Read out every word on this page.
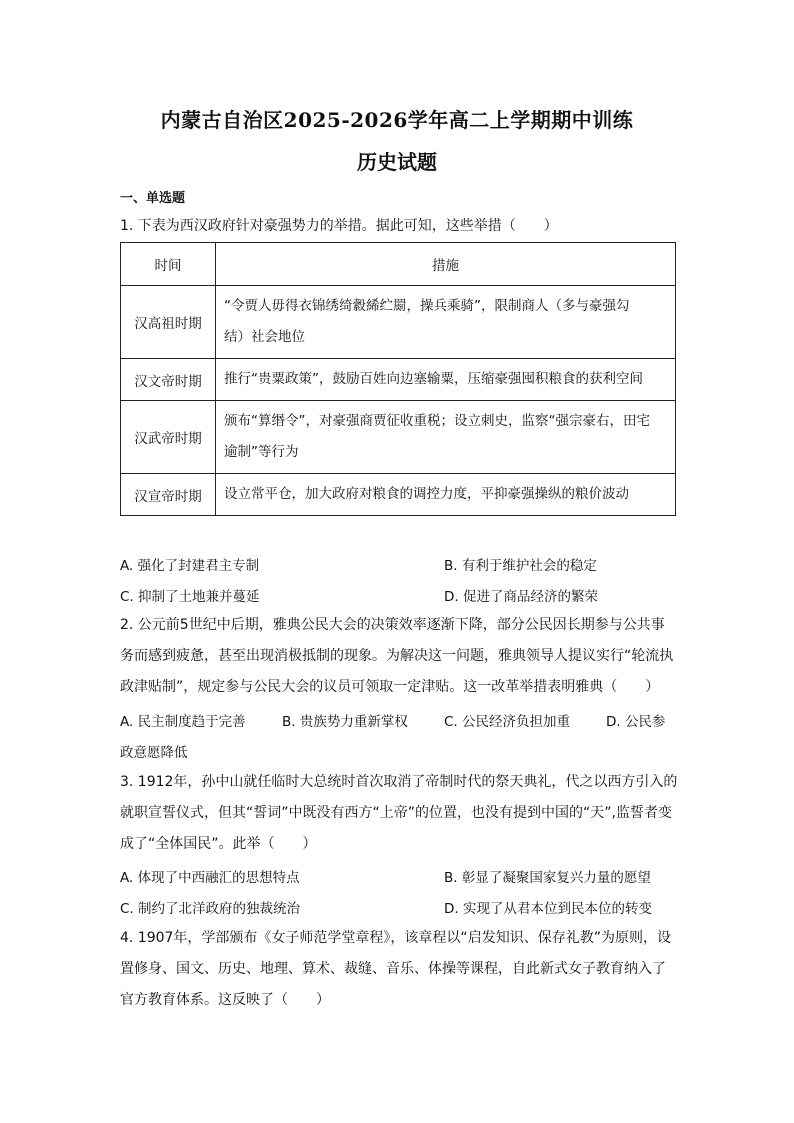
内蒙古自治区2025-2026学年高二上学期期中训练
历史试题
一、单选题
1. 下表为西汉政府针对豪强势力的举措。据此可知，这些举措（　　）
时间	措施
汉高祖时期	“令贾人毋得衣锦绣绮縠絺纻罽，操兵乘骑”，限制商人（多与豪强勾
结）社会地位

汉文帝时期	推行“贵粟政策”，鼓励百姓向边塞输粟，压缩豪强囤积粮食的获利空间

汉武帝时期	颁布“算缗令”，对豪强商贾征收重税；设立刺史，监察“强宗豪右，田宅
逾制”等行为

汉宣帝时期	设立常平仓，加大政府对粮食的调控力度，平抑豪强操纵的粮价波动
A. 强化了封建君主专制	B. 有利于维护社会的稳定
C. 抑制了土地兼并蔓延	D. 促进了商品经济的繁荣
2. 公元前5世纪中后期，雅典公民大会的决策效率逐渐下降，部分公民因长期参与公共事
务而感到疲惫，甚至出现消极抵制的现象。为解决这一问题，雅典领导人提议实行“轮流执
政津贴制”，规定参与公民大会的议员可领取一定津贴。这一改革举措表明雅典（　　）
A. 民主制度趋于完善	B. 贵族势力重新掌权	C. 公民经济负担加重	D. 公民参
政意愿降低
3. 1912年，孙中山就任临时大总统时首次取消了帝制时代的祭天典礼，代之以西方引入的
就职宣誓仪式，但其“誓词”中既没有西方“上帝”的位置，也没有提到中国的“天”,监誓者变
成了“全体国民”。此举（　　）
A. 体现了中西融汇的思想特点	B. 彰显了凝聚国家复兴力量的愿望
C. 制约了北洋政府的独裁统治	D. 实现了从君本位到民本位的转变
4. 1907年，学部颁布《女子师范学堂章程》，该章程以“启发知识、保存礼教”为原则，设
置修身、国文、历史、地理、算术、裁缝、音乐、体操等课程，自此新式女子教育纳入了
官方教育体系。这反映了（　　）
